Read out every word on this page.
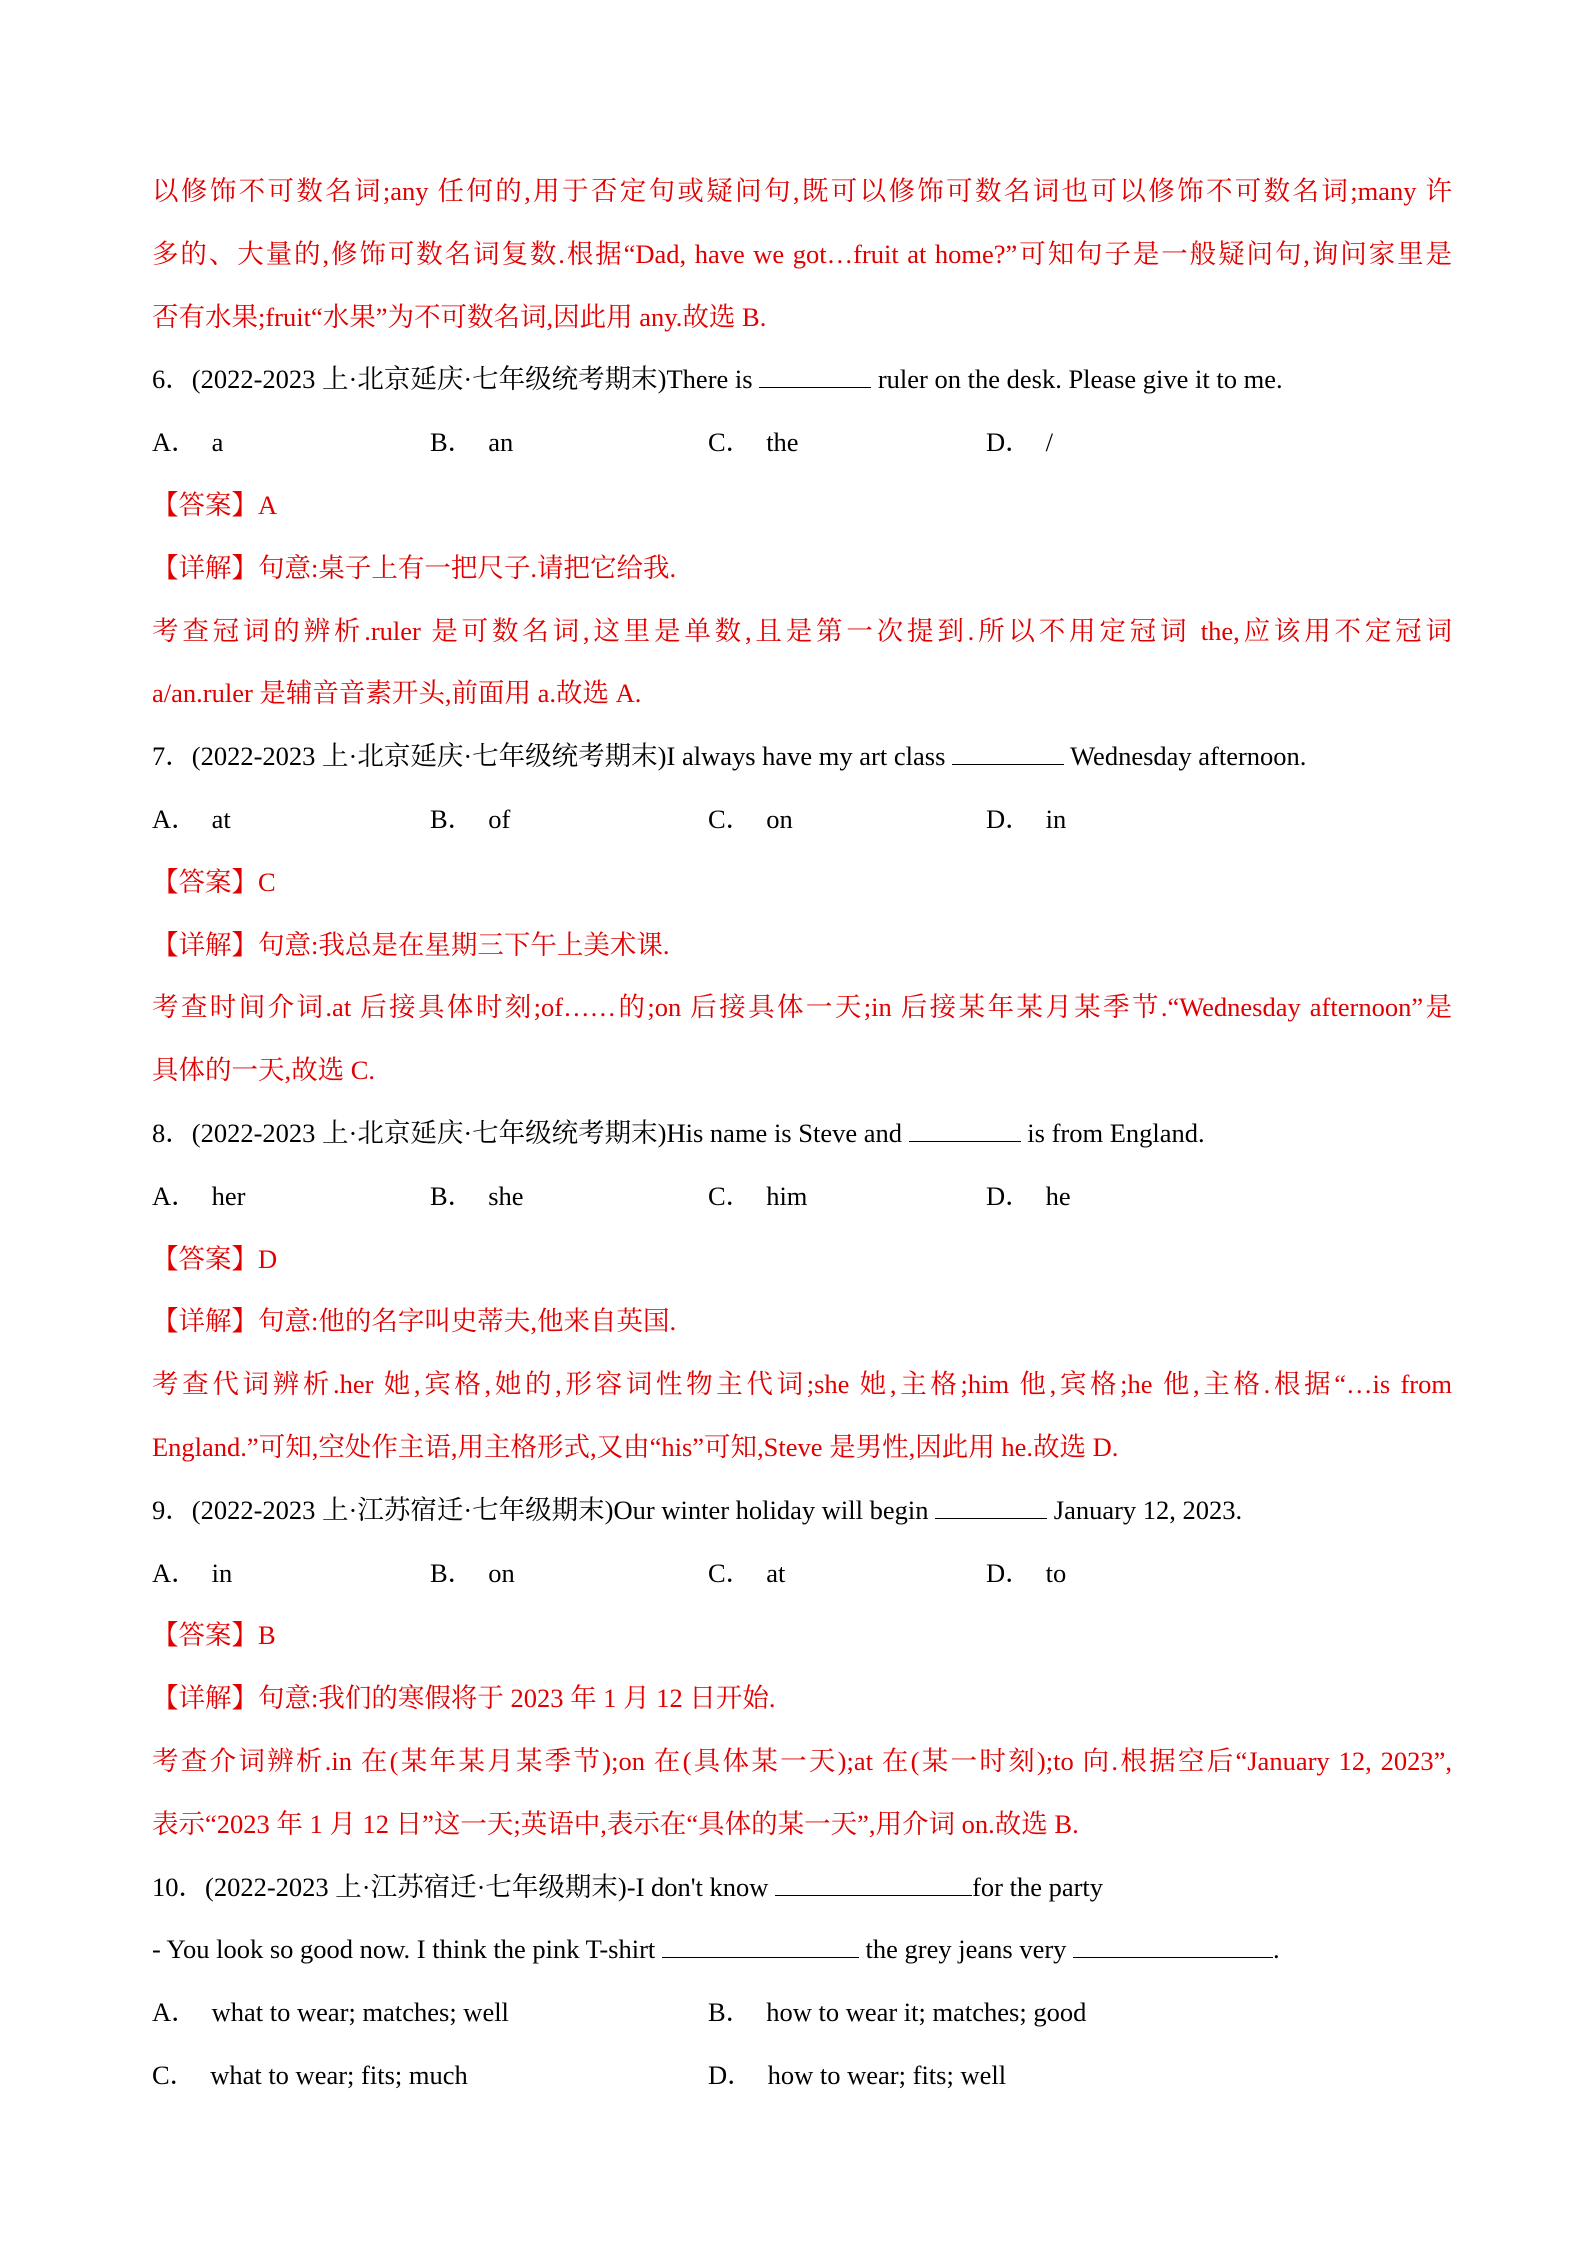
以修饰不可数名词;any 任何的,用于否定句或疑问句,既可以修饰可数名词也可以修饰不可数名词;many 许
多的、大量的,修饰可数名词复数.根据“Dad, have we got…fruit at home?”可知句子是一般疑问句,询问家里是
否有水果;fruit“水果”为不可数名词,因此用 any.故选 B.
6．(2022-2023 上·北京延庆·七年级统考期末)There is	ruler on the desk. Please give it to me.
A． a	B． an	C． the	D． /
【答案】A
【详解】句意:桌子上有一把尺子.请把它给我.
考查冠词的辨析.ruler 是可数名词,这里是单数,且是第一次提到.所以不用定冠词 the,应该用不定冠词
a/an.ruler 是辅音音素开头,前面用 a.故选 A.
7．(2022-2023 上·北京延庆·七年级统考期末)I always have my art class	Wednesday afternoon.
A． at	B． of	C． on	D． in
【答案】C
【详解】句意:我总是在星期三下午上美术课.
考查时间介词.at 后接具体时刻;of……的;on 后接具体一天;in 后接某年某月某季节.“Wednesday afternoon”是
具体的一天,故选 C.
8．(2022-2023 上·北京延庆·七年级统考期末)His name is Steve and	is from England.
A． her	B． she	C． him	D． he
【答案】D
【详解】句意:他的名字叫史蒂夫,他来自英国.
考查代词辨析.her 她,宾格,她的,形容词性物主代词;she 她,主格;him 他,宾格;he 他,主格.根据“…is from
England.”可知,空处作主语,用主格形式,又由“his”可知,Steve 是男性,因此用 he.故选 D.
9．(2022-2023 上·江苏宿迁·七年级期末)Our winter holiday will begin	January 12, 2023.
A． in	B． on	C． at	D． to
【答案】B
【详解】句意:我们的寒假将于 2023 年 1 月 12 日开始.
考查介词辨析.in 在(某年某月某季节);on 在(具体某一天);at 在(某一时刻);to 向.根据空后“January 12, 2023”,
表示“2023 年 1 月 12 日”这一天;英语中,表示在“具体的某一天”,用介词 on.故选 B.
10．(2022-2023 上·江苏宿迁·七年级期末)-I don't know	for the party
- You look so good now. I think the pink T-shirt	the grey jeans very	.
A． what to wear; matches; well	B． how to wear it; matches; good
C． what to wear; fits; much	D． how to wear; fits; well
